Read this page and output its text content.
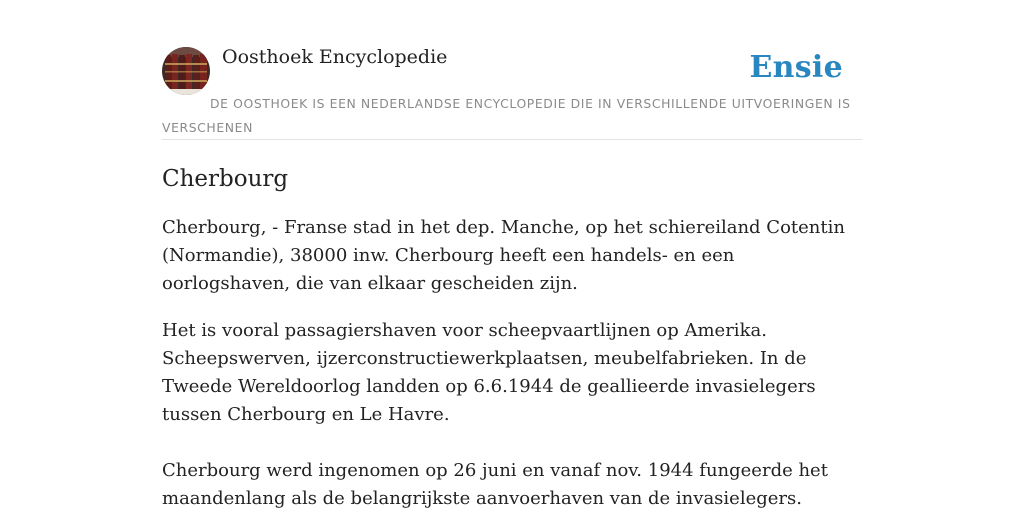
Oosthoek Encyclopedie	Ensie
DE OOSTHOEK IS EEN NEDERLANDSE ENCYCLOPEDIE DIE IN VERSCHILLENDE UITVOERINGEN IS VERSCHENEN
Cherbourg

Cherbourg, - Franse stad in het dep. Manche, op het schiereiland Cotentin (Normandie), 38000 inw. Cherbourg heeft een handels- en een oorlogshaven, die van elkaar gescheiden zijn.

Het is vooral passagiershaven voor scheepvaartlijnen op Amerika. Scheepswerven, ijzerconstructiewerkplaatsen, meubelfabrieken. In de Tweede Wereldoorlog landden op 6.6.1944 de geallieerde invasielegers tussen Cherbourg en Le Havre.

Cherbourg werd ingenomen op 26 juni en vanaf nov. 1944 fungeerde het maandenlang als de belangrijkste aanvoerhaven van de invasielegers.
